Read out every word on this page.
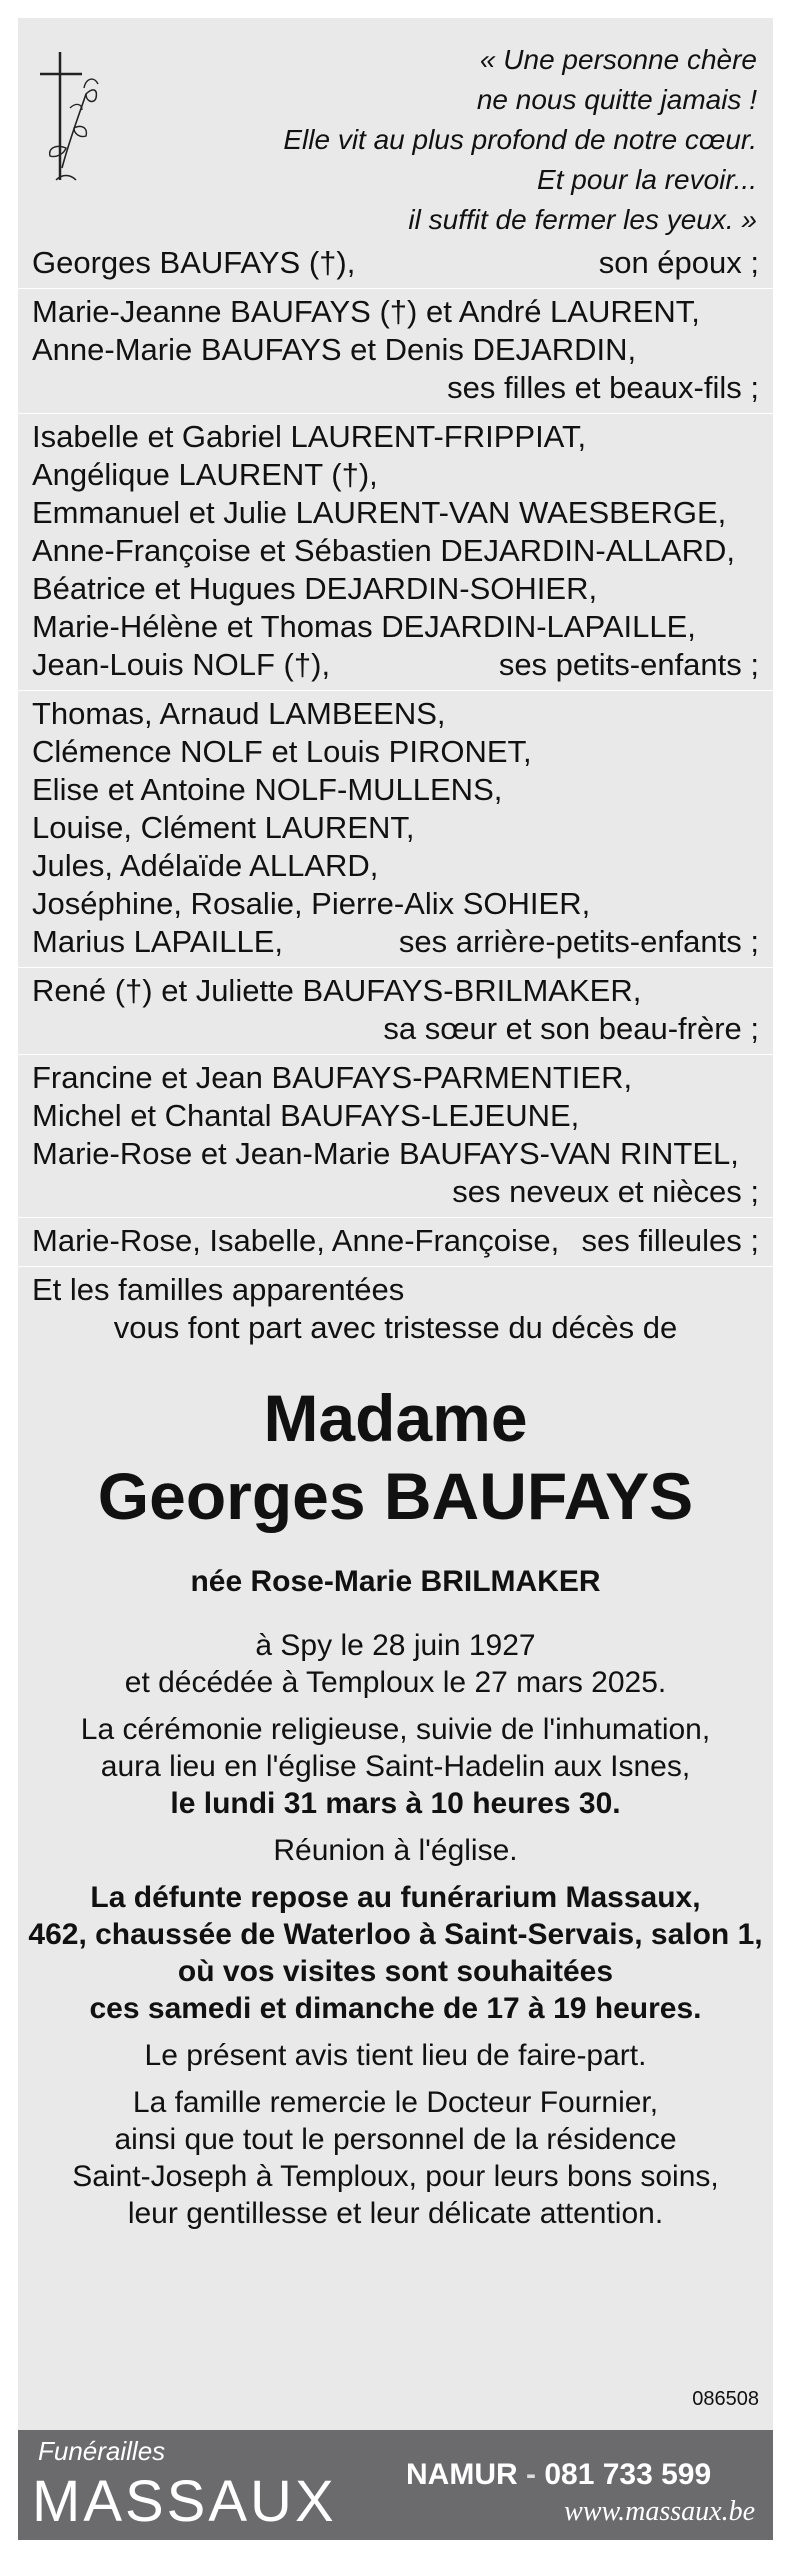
« Une personne chère
ne nous quitte jamais !
Elle vit au plus profond de notre cœur.
Et pour la revoir...
il suffit de fermer les yeux. »
Georges BAUFAYS (†),	son époux ;
Marie-Jeanne BAUFAYS (†) et André LAURENT,
Anne-Marie BAUFAYS et Denis DEJARDIN,
ses filles et beaux-fils ;
Isabelle et Gabriel LAURENT-FRIPPIAT,
Angélique LAURENT (†),
Emmanuel et Julie LAURENT-VAN WAESBERGE,
Anne-Françoise et Sébastien DEJARDIN-ALLARD,
Béatrice et Hugues DEJARDIN-SOHIER,
Marie-Hélène et Thomas DEJARDIN-LAPAILLE,
Jean-Louis NOLF (†),	ses petits-enfants ;
Thomas, Arnaud LAMBEENS,
Clémence NOLF et Louis PIRONET,
Elise et Antoine NOLF-MULLENS,
Louise, Clément LAURENT,
Jules, Adélaïde ALLARD,
Joséphine, Rosalie, Pierre-Alix SOHIER,
Marius LAPAILLE,	ses arrière-petits-enfants ;
René (†) et Juliette BAUFAYS-BRILMAKER,
sa sœur et son beau-frère ;
Francine et Jean BAUFAYS-PARMENTIER,
Michel et Chantal BAUFAYS-LEJEUNE,
Marie-Rose et Jean-Marie BAUFAYS-VAN RINTEL,
ses neveux et nièces ;
Marie-Rose, Isabelle, Anne-Françoise, ses filleules ;
Et les familles apparentées
vous font part avec tristesse du décès de
Madame
Georges BAUFAYS
née Rose-Marie BRILMAKER
à Spy le 28 juin 1927
et décédée à Temploux le 27 mars 2025.
La cérémonie religieuse, suivie de l'inhumation,
aura lieu en l'église Saint-Hadelin aux Isnes,
le lundi 31 mars à 10 heures 30.
Réunion à l'église.
La défunte repose au funérarium Massaux,
462, chaussée de Waterloo à Saint-Servais, salon 1,
où vos visites sont souhaitées
ces samedi et dimanche de 17 à 19 heures.
Le présent avis tient lieu de faire-part.
La famille remercie le Docteur Fournier,
ainsi que tout le personnel de la résidence
Saint-Joseph à Temploux, pour leurs bons soins,
leur gentillesse et leur délicate attention.
086508
Funérailles
MASSAUX NAMUR - 081 733 599
www.massaux.be
